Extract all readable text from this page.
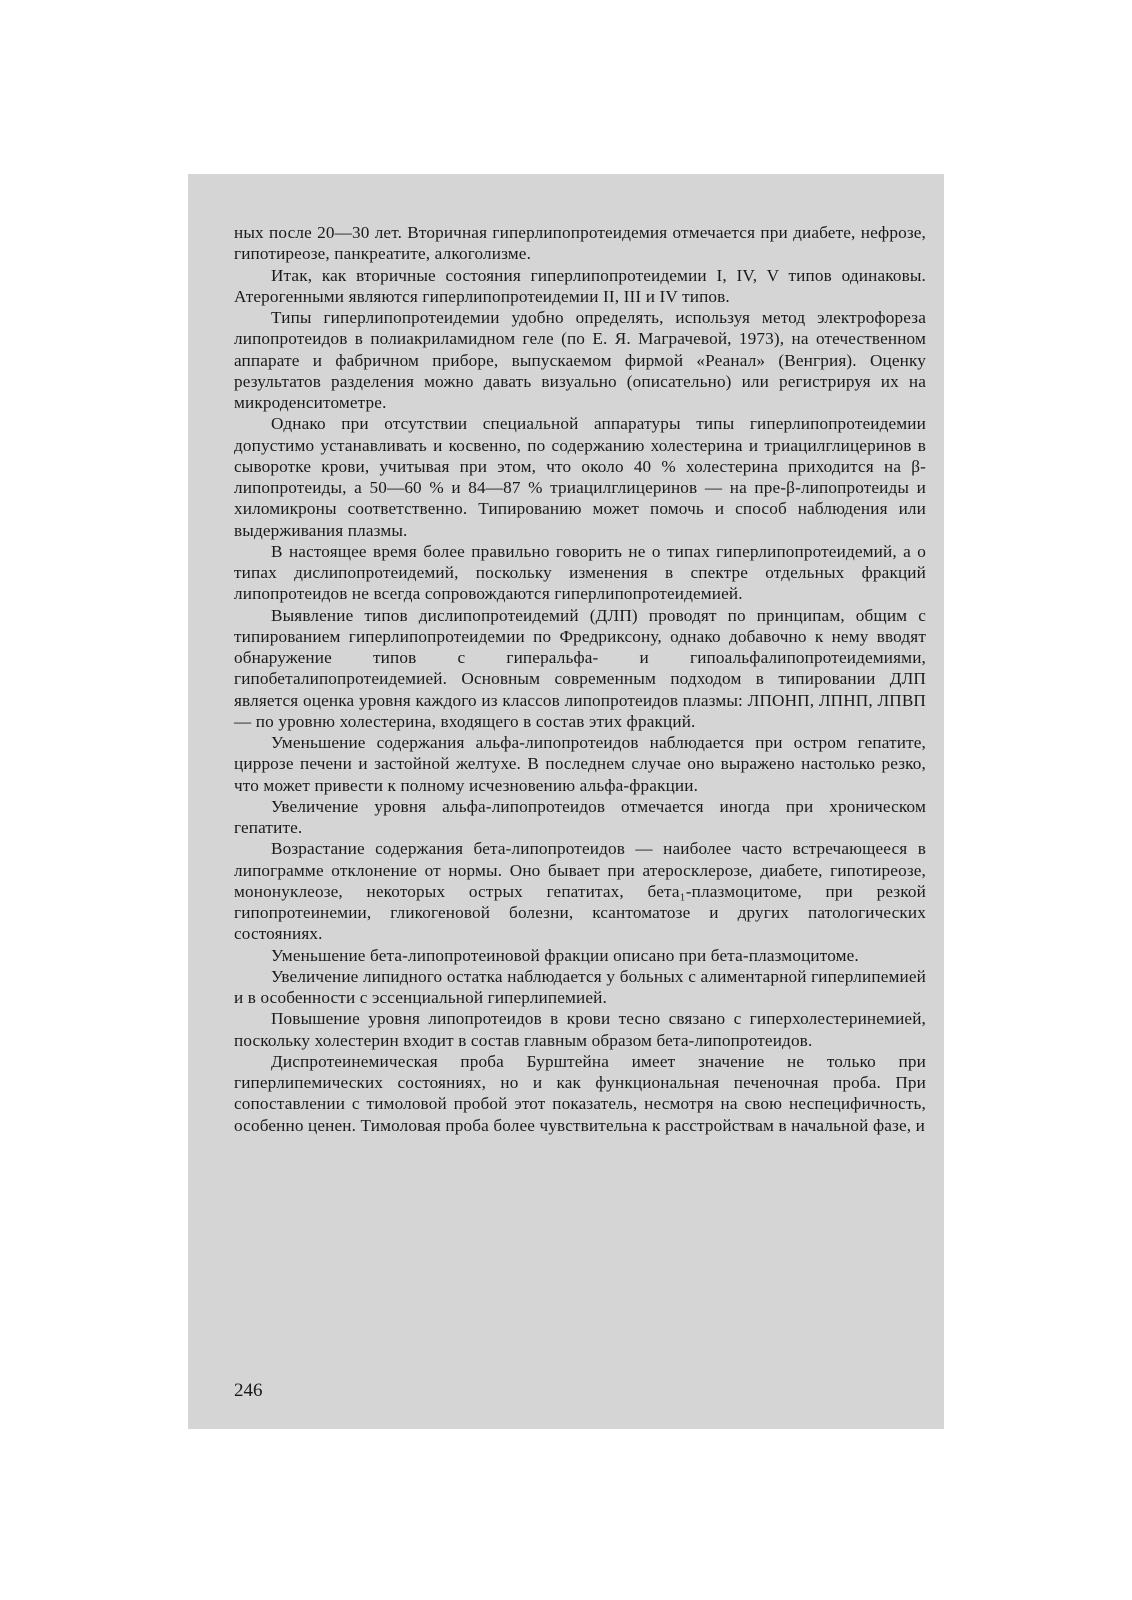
ных после 20—30 лет. Вторичная гиперлипопротеидемия отмечается при диабете, нефрозе, гипотиреозе, панкреатите, алкоголизме.

Итак, как вторичные состояния гиперлипопротеидемии I, IV, V типов одинаковы. Атерогенными являются гиперлипопротеидемии II, III и IV типов.

Типы гиперлипопротеидемии удобно определять, используя метод электрофореза липопротеидов в полиакриламидном геле (по Е. Я. Маграчевой, 1973), на отечественном аппарате и фабричном приборе, выпускаемом фирмой «Реанал» (Венгрия). Оценку результатов разделения можно давать визуально (описательно) или регистрируя их на микроденситометре.

Однако при отсутствии специальной аппаратуры типы гиперлипопротеидемии допустимо устанавливать и косвенно, по содержанию холестерина и триацилглицеринов в сыворотке крови, учитывая при этом, что около 40 % холестерина приходится на β-липопротеиды, а 50—60 % и 84—87 % триацилглицеринов — на пре-β-липопротеиды и хиломикроны соответственно. Типированию может помочь и способ наблюдения или выдерживания плазмы.

В настоящее время более правильно говорить не о типах гиперлипопротеидемий, а о типах дислипопротеидемий, поскольку изменения в спектре отдельных фракций липопротеидов не всегда сопровождаются гиперлипопротеидемией.

Выявление типов дислипопротеидемий (ДЛП) проводят по принципам, общим с типированием гиперлипопротеидемии по Фредриксону, однако добавочно к нему вводят обнаружение типов с гиперальфа- и гипоальфалипопротеидемиями, гипобеталипопротеидемией. Основным современным подходом в типировании ДЛП является оценка уровня каждого из классов липопротеидов плазмы: ЛПОНП, ЛПНП, ЛПВП — по уровню холестерина, входящего в состав этих фракций.

Уменьшение содержания альфа-липопротеидов наблюдается при остром гепатите, циррозе печени и застойной желтухе. В последнем случае оно выражено настолько резко, что может привести к полному исчезновению альфа-фракции.

Увеличение уровня альфа-липопротеидов отмечается иногда при хроническом гепатите.

Возрастание содержания бета-липопротеидов — наиболее часто встречающееся в липограмме отклонение от нормы. Оно бывает при атеросклерозе, диабете, гипотиреозе, мононуклеозе, некоторых острых гепатитах, бета₁-плазмоцитоме, при резкой гипопротеинемии, гликогеновой болезни, ксантоматозе и других патологических состояниях.

Уменьшение бета-липопротеиновой фракции описано при бета-плазмоцитоме.

Увеличение липидного остатка наблюдается у больных с алиментарной гиперлипемией и в особенности с эссенциальной гиперлипемией.

Повышение уровня липопротеидов в крови тесно связано с гиперхолестеринемией, поскольку холестерин входит в состав главным образом бета-липопротеидов.

Диспротеинемическая проба Бурштейна имеет значение не только при гиперлипемических состояниях, но и как функциональная печеночная проба. При сопоставлении с тимоловой пробой этот показатель, несмотря на свою неспецифичность, особенно ценен. Тимоловая проба более чувствительна к расстройствам в начальной фазе, и

246
